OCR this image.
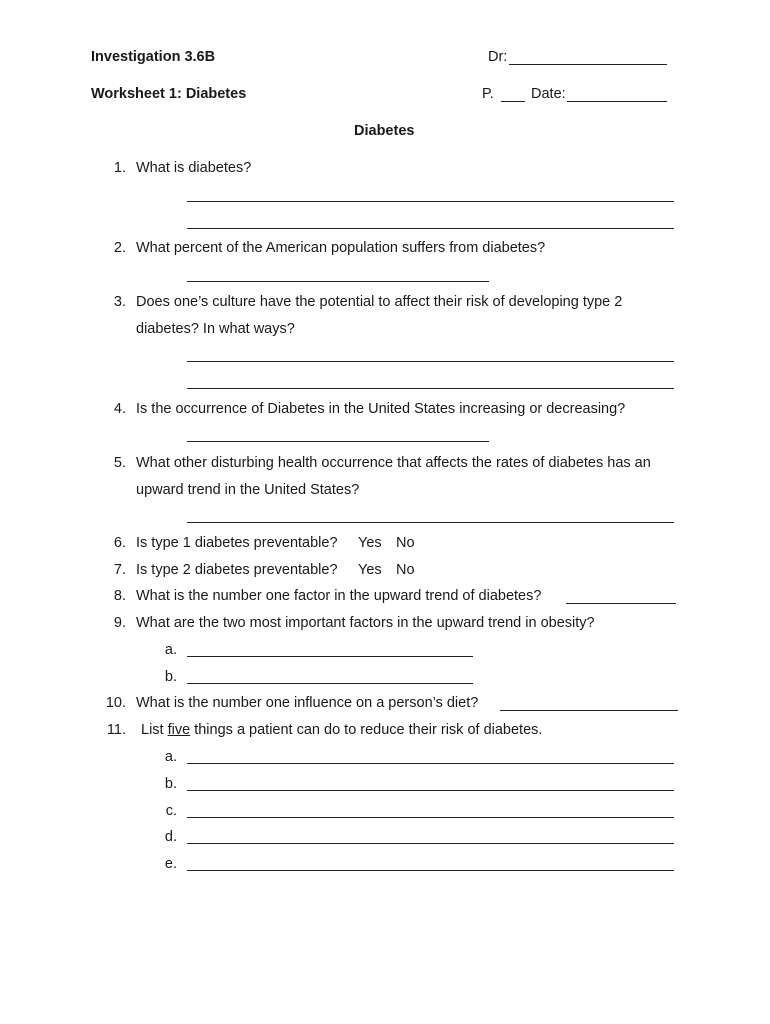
Investigation 3.6B
Worksheet 1: Diabetes
Dr:
P.	Date:
Diabetes
1. What is diabetes?
2. What percent of the American population suffers from diabetes?
3. Does one’s culture have the potential to affect their risk of developing type 2
diabetes? In what ways?
4. Is the occurrence of Diabetes in the United States increasing or decreasing?
5. What other disturbing health occurrence that affects the rates of diabetes has an
upward trend in the United States?
6. Is type 1 diabetes preventable? Yes No
7. Is type 2 diabetes preventable? Yes No
8. What is the number one factor in the upward trend of diabetes?
9. What are the two most important factors in the upward trend in obesity?
a.
b.
10. What is the number one influence on a person’s diet?
11. List five things a patient can do to reduce their risk of diabetes.
a.
b.
c.
d.
e.
